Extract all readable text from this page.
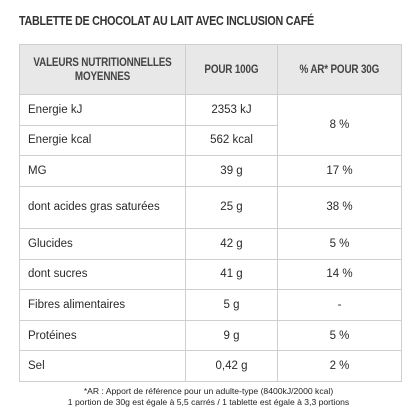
TABLETTE DE CHOCOLAT AU LAIT AVEC INCLUSION CAFÉ
VALEURS NUTRITIONNELLES MOYENNES	POUR 100G	% AR* POUR 30G
Energie kJ	2353 kJ	8 %
Energie kcal	562 kcal	
MG	39 g	17 %
dont acides gras saturées	25 g	38 %
Glucides	42 g	5 %
dont sucres	41 g	14 %
Fibres alimentaires	5 g	-
Protéines	9 g	5 %
Sel	0,42 g	2 %
*AR : Apport de référence pour un adulte-type (8400kJ/2000 kcal)
1 portion de 30g est égale à 5,5 carrés / 1 tablette est égale à 3,3 portions
